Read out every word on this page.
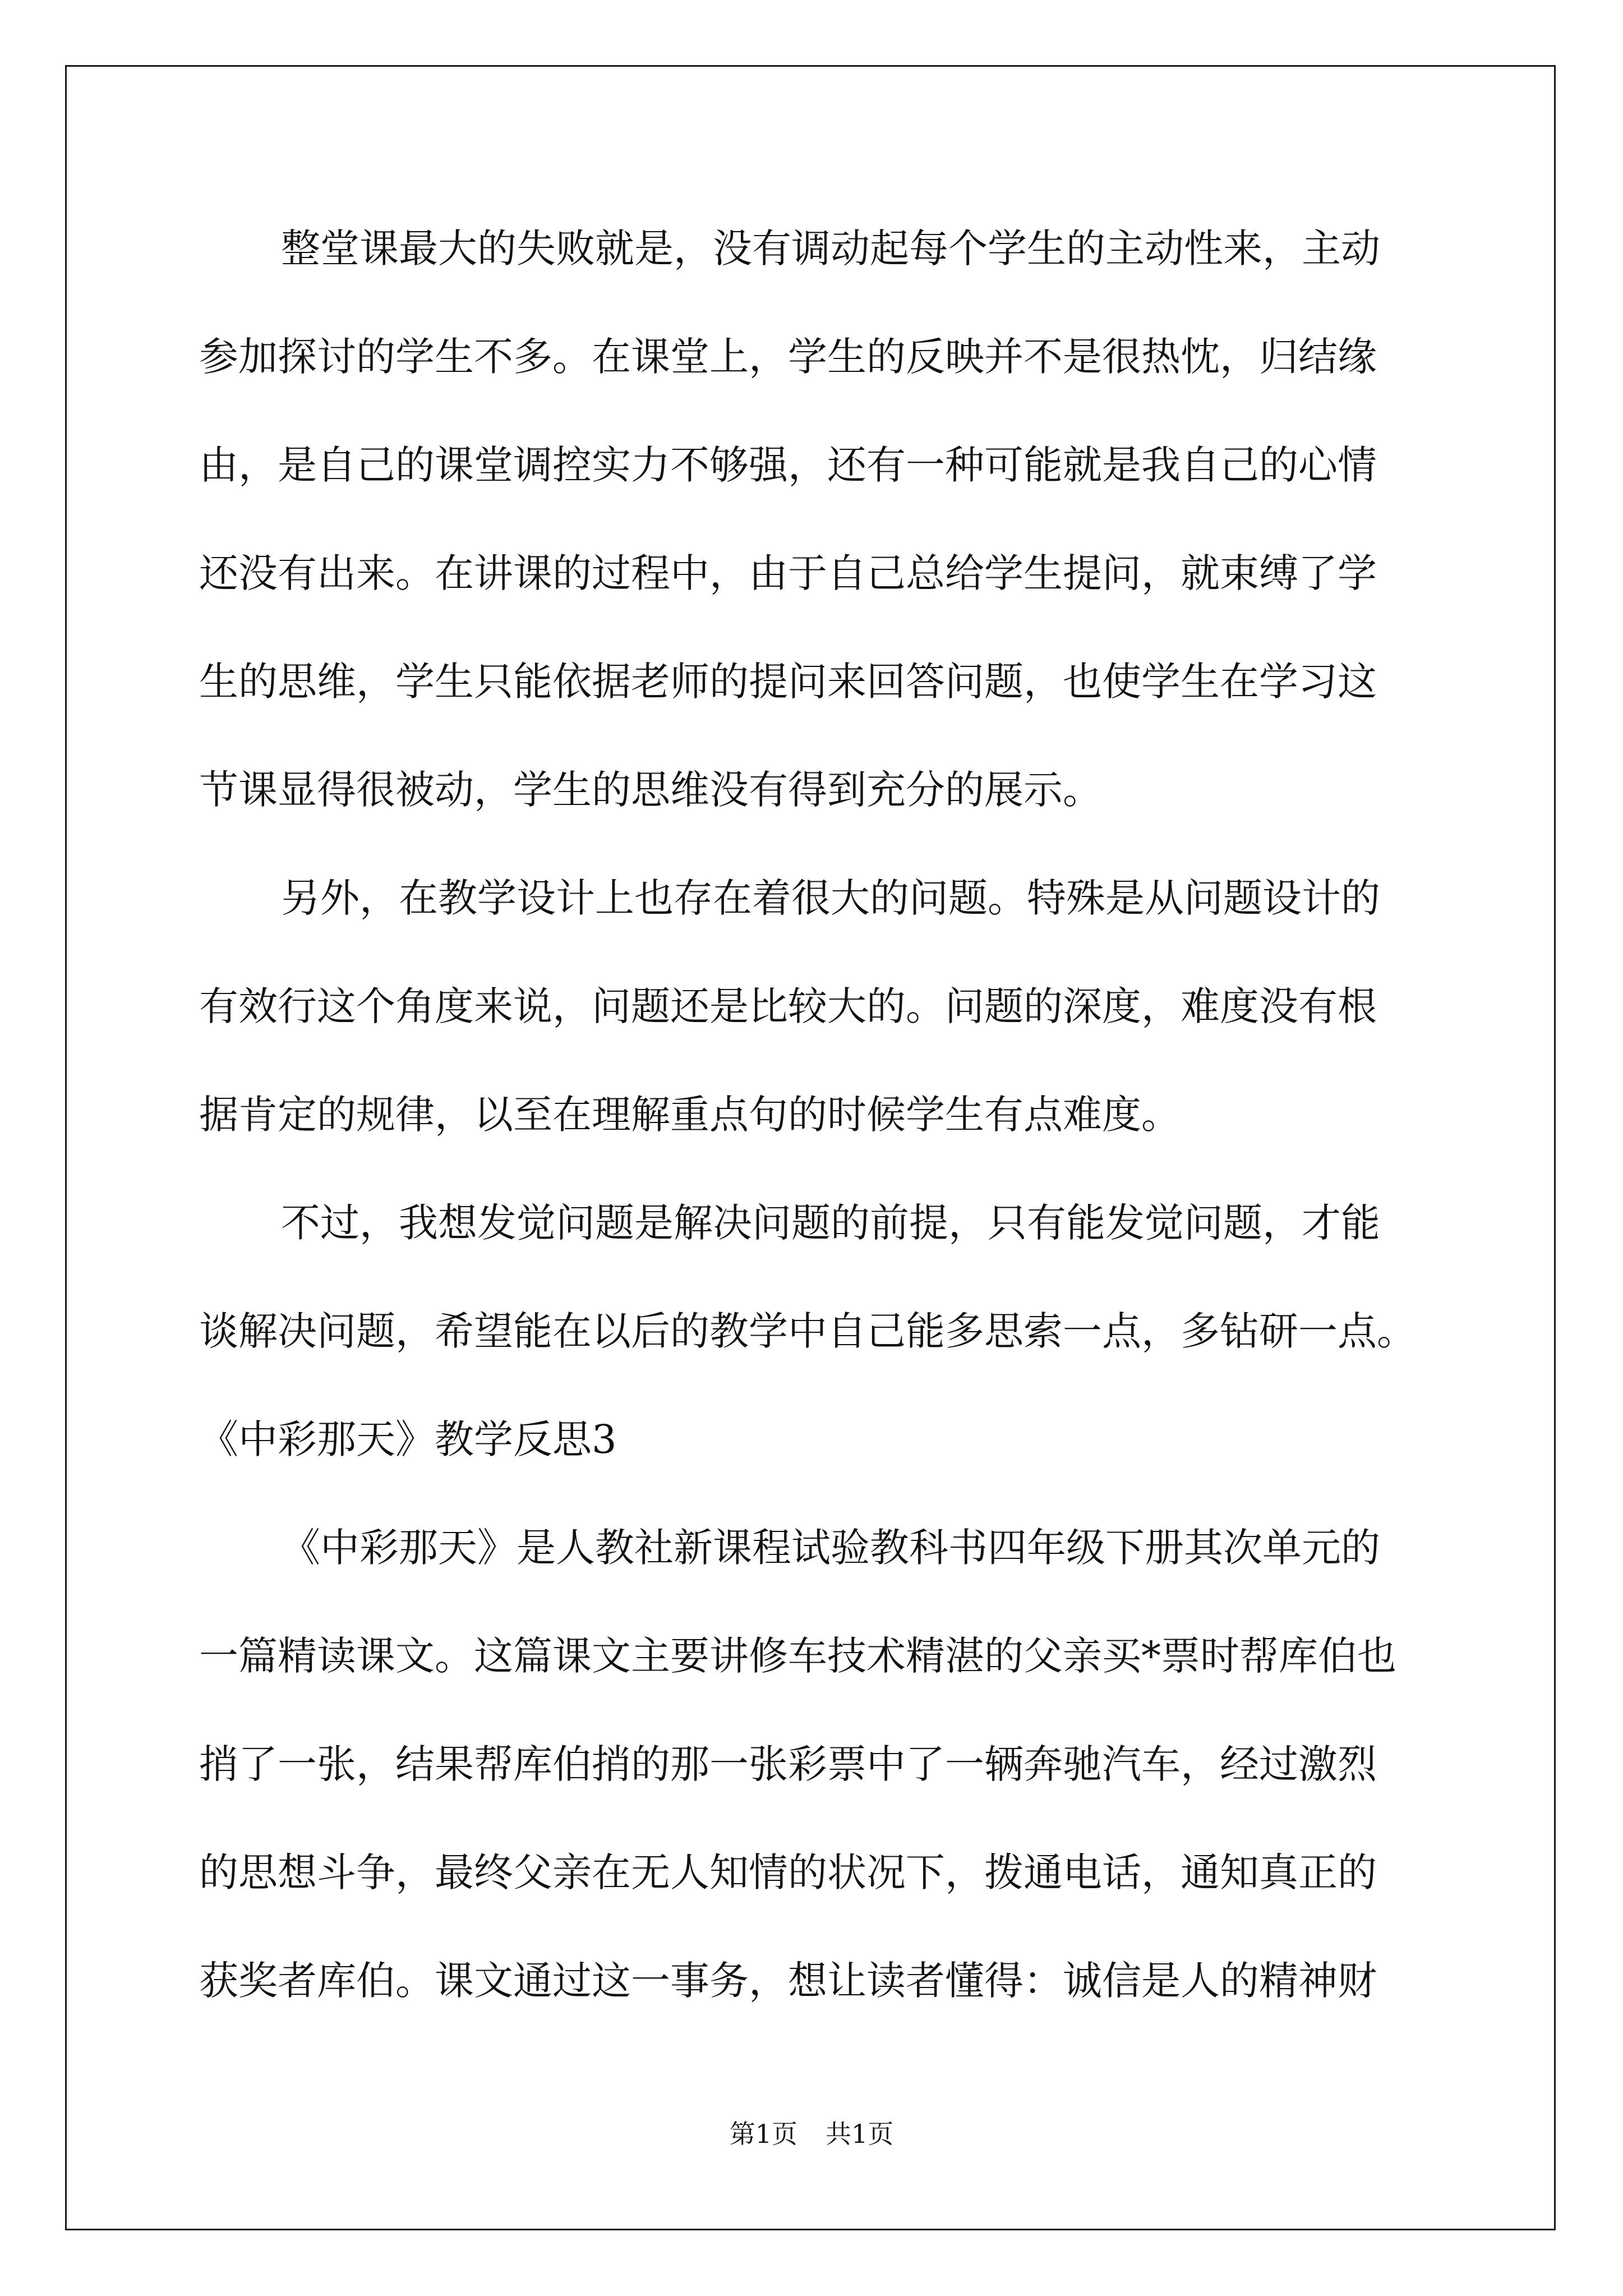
整堂课最大的失败就是，没有调动起每个学生的主动性来，主动
参加探讨的学生不多。在课堂上，学生的反映并不是很热忱，归结缘
由，是自己的课堂调控实力不够强，还有一种可能就是我自己的心情
还没有出来。在讲课的过程中，由于自己总给学生提问，就束缚了学
生的思维，学生只能依据老师的提问来回答问题，也使学生在学习这
节课显得很被动，学生的思维没有得到充分的展示。
另外，在教学设计上也存在着很大的问题。特殊是从问题设计的
有效行这个角度来说，问题还是比较大的。问题的深度，难度没有根
据肯定的规律，以至在理解重点句的时候学生有点难度。
不过，我想发觉问题是解决问题的前提，只有能发觉问题，才能
谈解决问题，希望能在以后的教学中自己能多思索一点，多钻研一点。
《中彩那天》教学反思3
《中彩那天》是人教社新课程试验教科书四年级下册其次单元的
一篇精读课文。这篇课文主要讲修车技术精湛的父亲买*票时帮库伯也
捎了一张，结果帮库伯捎的那一张彩票中了一辆奔驰汽车，经过激烈
的思想斗争，最终父亲在无人知情的状况下，拨通电话，通知真正的
获奖者库伯。课文通过这一事务，想让读者懂得：诚信是人的精神财
第1页 共1页
